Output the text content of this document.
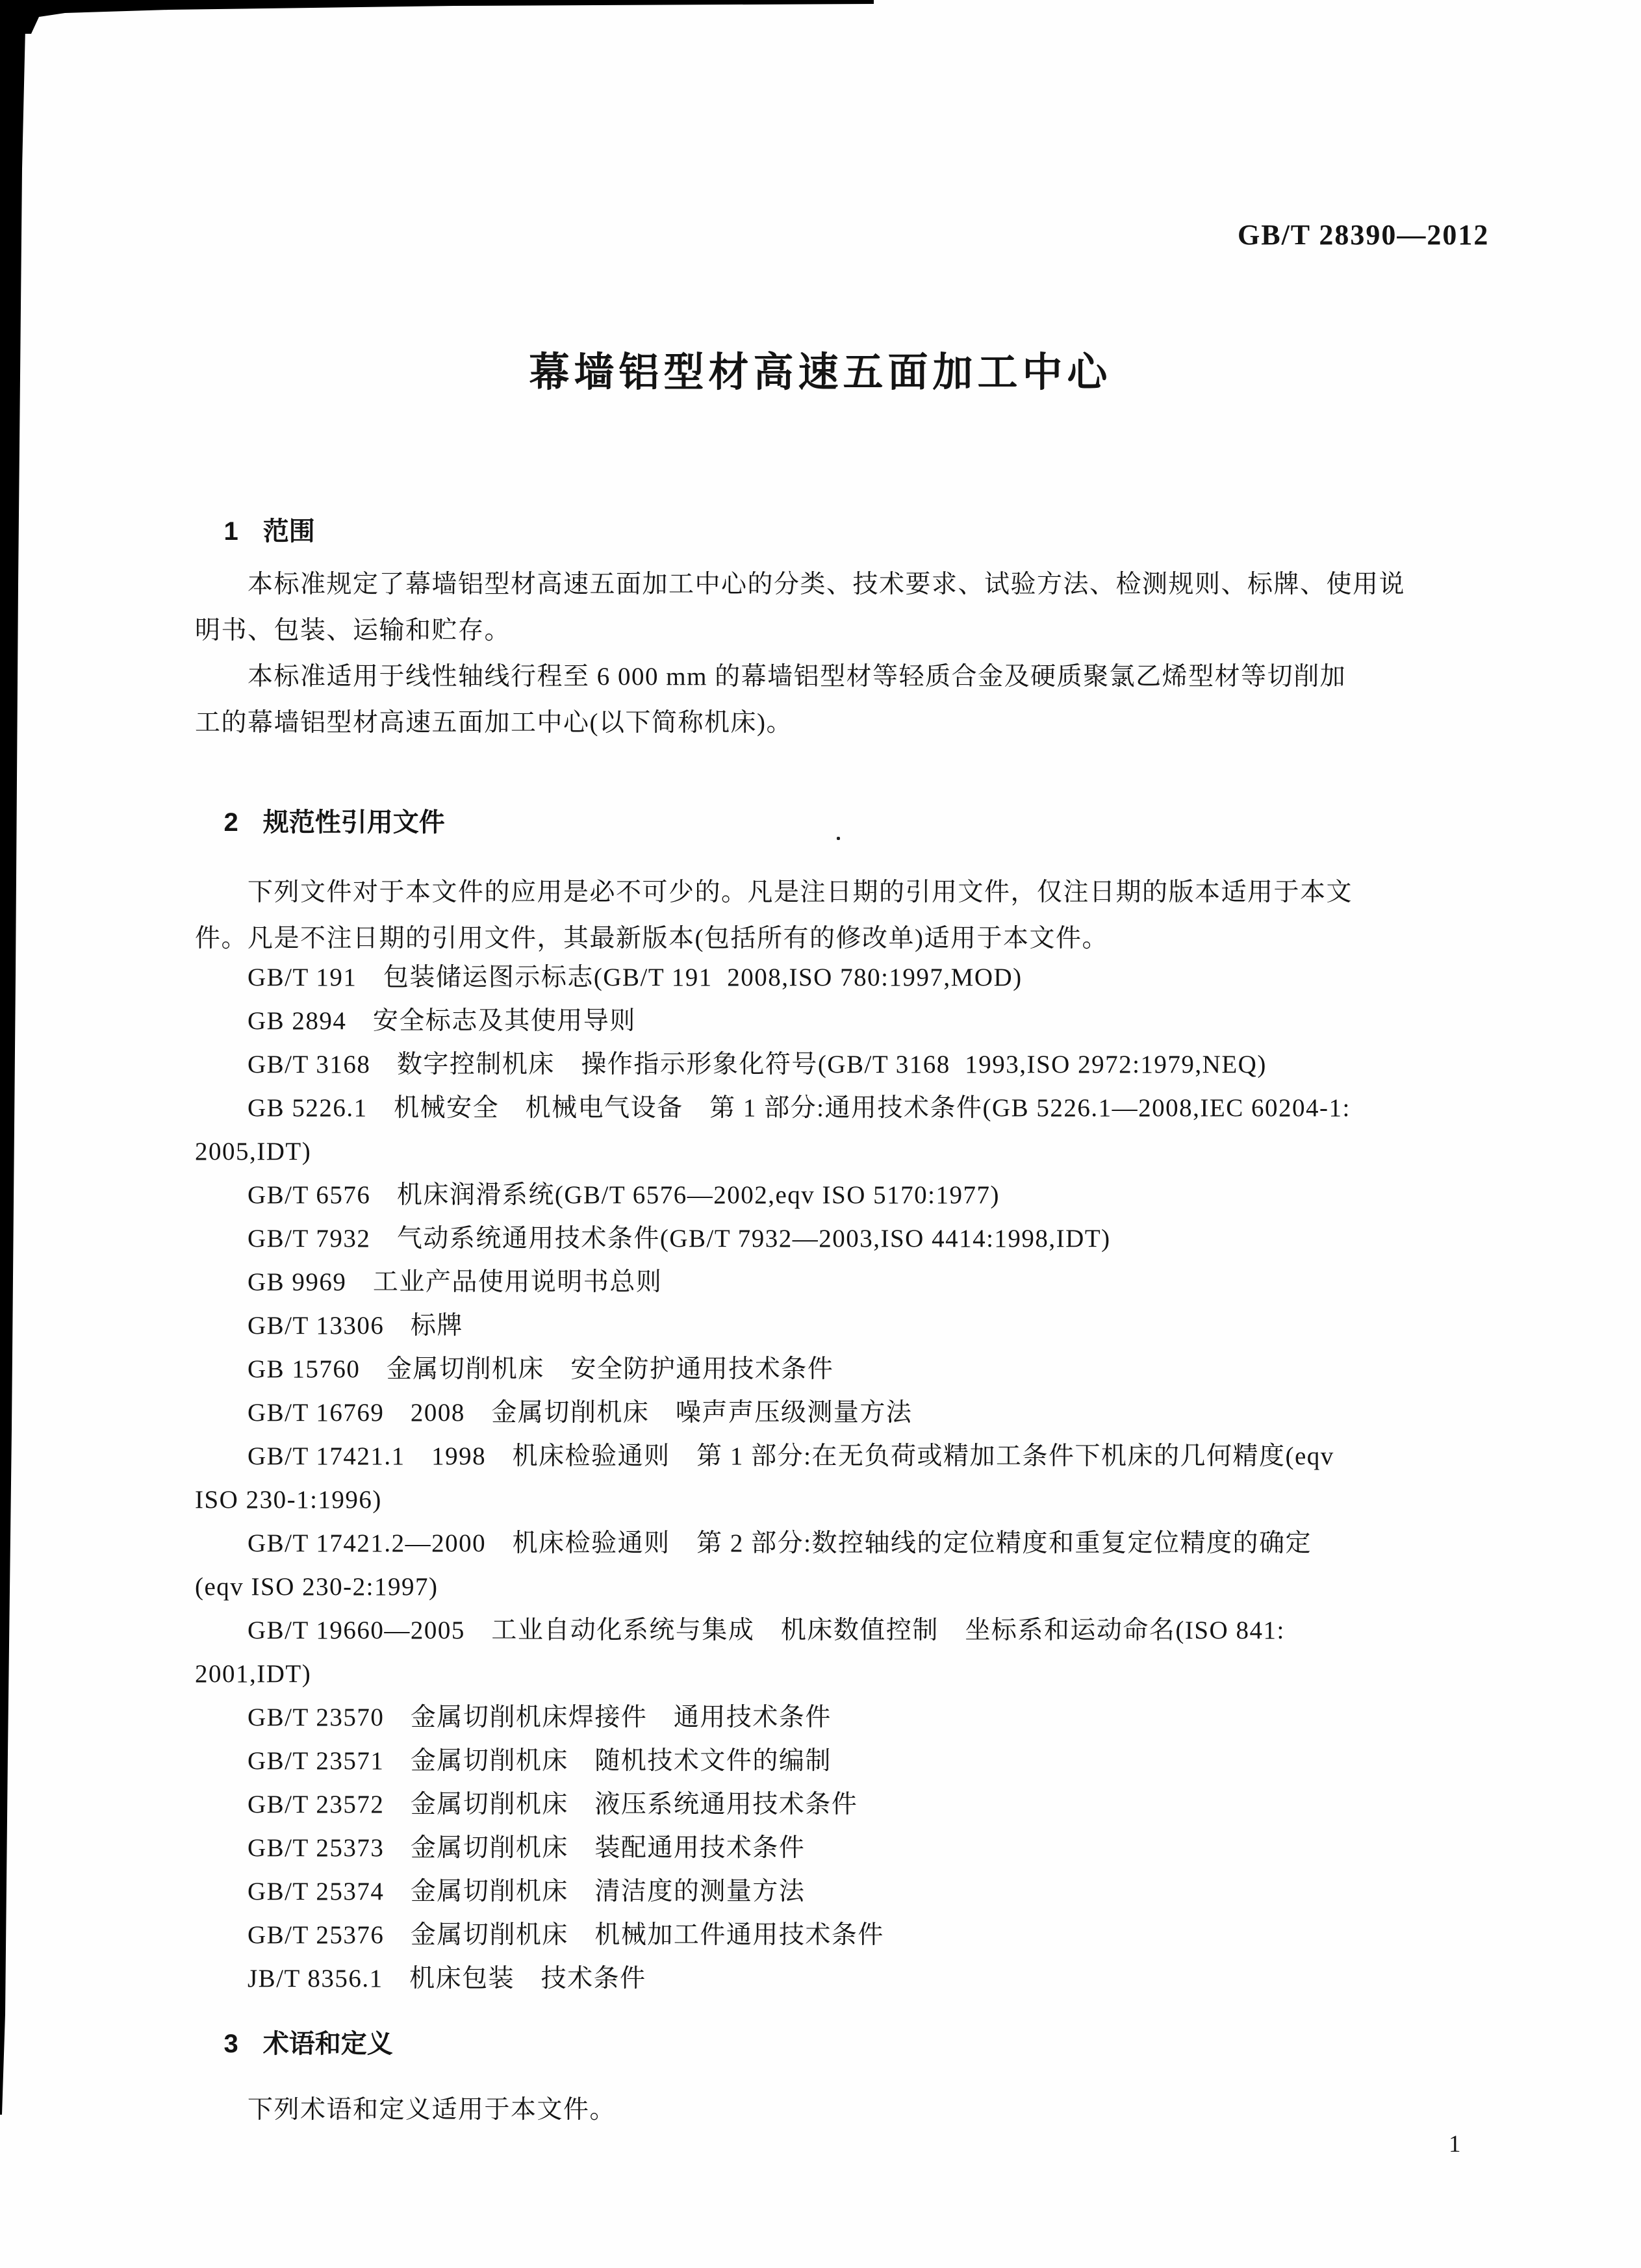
GB/T 28390—2012
幕墙铝型材高速五面加工中心

1 范围

　　本标准规定了幕墙铝型材高速五面加工中心的分类、技术要求、试验方法、检测规则、标牌、使用说
明书、包装、运输和贮存。
　　本标准适用于线性轴线行程至 6 000 mm 的幕墙铝型材等轻质合金及硬质聚氯乙烯型材等切削加
工的幕墙铝型材高速五面加工中心(以下简称机床)。

2 规范性引用文件

　　下列文件对于本文件的应用是必不可少的。凡是注日期的引用文件，仅注日期的版本适用于本文
件。凡是不注日期的引用文件，其最新版本(包括所有的修改单)适用于本文件。
　　GB/T 191　包装储运图示标志(GB/T 191  2008,ISO 780:1997,MOD)
　　GB 2894　安全标志及其使用导则
　　GB/T 3168　数字控制机床　操作指示形象化符号(GB/T 3168  1993,ISO 2972:1979,NEQ)
　　GB 5226.1　机械安全　机械电气设备　第 1 部分:通用技术条件(GB 5226.1—2008,IEC 60204-1:
2005,IDT)
　　GB/T 6576　机床润滑系统(GB/T 6576—2002,eqv ISO 5170:1977)
　　GB/T 7932　气动系统通用技术条件(GB/T 7932—2003,ISO 4414:1998,IDT)
　　GB 9969　工业产品使用说明书总则
　　GB/T 13306　标牌
　　GB 15760　金属切削机床　安全防护通用技术条件
　　GB/T 16769　2008　金属切削机床　噪声声压级测量方法
　　GB/T 17421.1　1998　机床检验通则　第 1 部分:在无负荷或精加工条件下机床的几何精度(eqv
ISO 230-1:1996)
　　GB/T 17421.2—2000　机床检验通则　第 2 部分:数控轴线的定位精度和重复定位精度的确定
(eqv ISO 230-2:1997)
　　GB/T 19660—2005　工业自动化系统与集成　机床数值控制　坐标系和运动命名(ISO 841:
2001,IDT)
　　GB/T 23570　金属切削机床焊接件　通用技术条件
　　GB/T 23571　金属切削机床　随机技术文件的编制
　　GB/T 23572　金属切削机床　液压系统通用技术条件
　　GB/T 25373　金属切削机床　装配通用技术条件
　　GB/T 25374　金属切削机床　清洁度的测量方法
　　GB/T 25376　金属切削机床　机械加工件通用技术条件
　　JB/T 8356.1　机床包装　技术条件

3 术语和定义

　　下列术语和定义适用于本文件。
1
